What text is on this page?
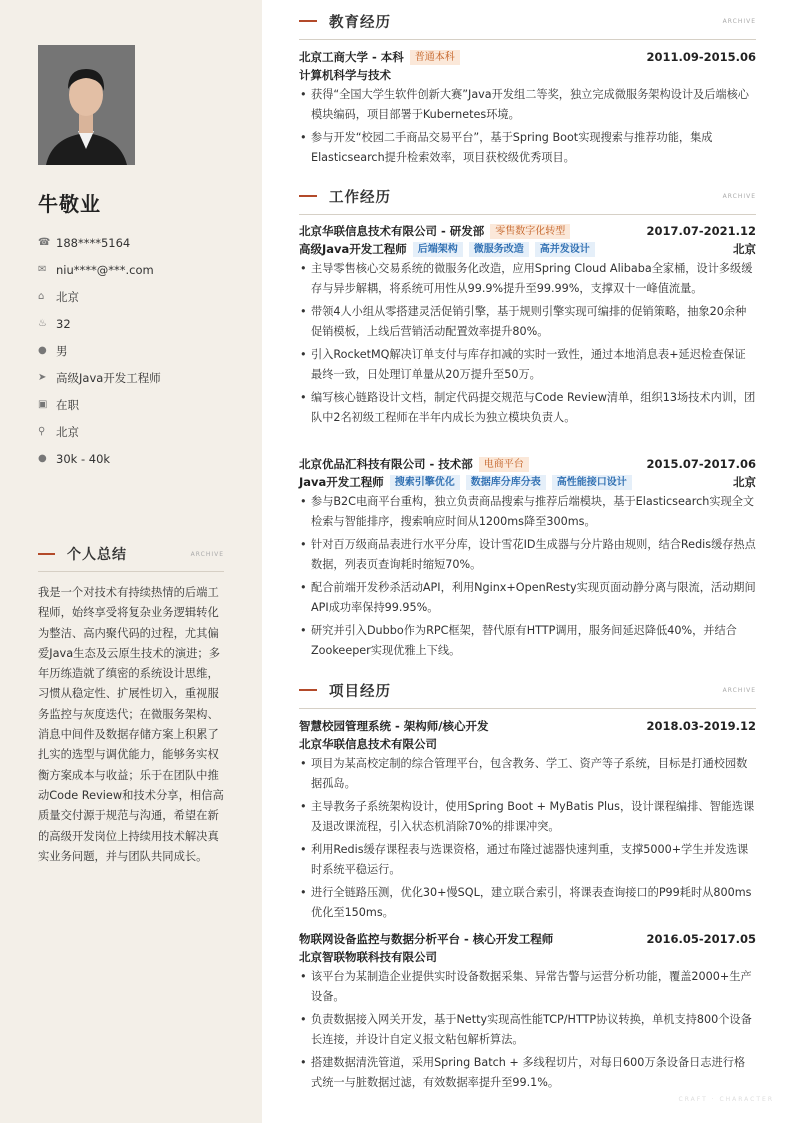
牛敬业
☎ 188****5164
✉ niu****@***.com
⌂	北京
♨ 32
● 男
➤ 高级Java开发工程师
▣ 在职
⚲ 北京
● 30k - 40k
个人总结	ARCHIVE
我是一个对技术有持续热情的后端工程师，始终享受将复杂业务逻辑转化为整洁、高内聚代码的过程，尤其偏爱Java生态及云原生技术的演进；多年历练造就了缜密的系统设计思维，习惯从稳定性、扩展性切入，重视服务监控与灰度迭代；在微服务架构、消息中间件及数据存储方案上积累了扎实的选型与调优能力，能够务实权衡方案成本与收益；乐于在团队中推动Code Review和技术分享，相信高质量交付源于规范与沟通，希望在新的高级开发岗位上持续用技术解决真实业务问题，并与团队共同成长。
教育经历	ARCHIVE
北京工商大学 - 本科	普通本科	2011.09-2015.06
计算机科学与技术
• 获得“全国大学生软件创新大赛”Java开发组二等奖，独立完成微服务架构设计及后端核心模块编码，项目部署于Kubernetes环境。
• 参与开发“校园二手商品交易平台”，基于Spring Boot实现搜索与推荐功能，集成Elasticsearch提升检索效率，项目获校级优秀项目。
工作经历	ARCHIVE
北京华联信息技术有限公司 - 研发部	零售数字化转型	2017.07-2021.12
高级Java开发工程师	后端架构	微服务改造	高并发设计	北京
• 主导零售核心交易系统的微服务化改造，应用Spring Cloud Alibaba全家桶，设计多级缓存与异步解耦，将系统可用性从99.9%提升至99.99%，支撑双十一峰值流量。
• 带领4人小组从零搭建灵活促销引擎，基于规则引擎实现可编排的促销策略，抽象20余种促销模板，上线后营销活动配置效率提升80%。
• 引入RocketMQ解决订单支付与库存扣减的实时一致性，通过本地消息表+延迟检查保证最终一致，日处理订单量从20万提升至50万。
• 编写核心链路设计文档，制定代码提交规范与Code Review清单，组织13场技术内训，团队中2名初级工程师在半年内成长为独立模块负责人。
北京优品汇科技有限公司 - 技术部	电商平台	2015.07-2017.06
Java开发工程师	搜索引擎优化	数据库分库分表	高性能接口设计	北京
• 参与B2C电商平台重构，独立负责商品搜索与推荐后端模块，基于Elasticsearch实现全文检索与智能排序，搜索响应时间从1200ms降至300ms。
• 针对百万级商品表进行水平分库，设计雪花ID生成器与分片路由规则，结合Redis缓存热点数据，列表页查询耗时缩短70%。
• 配合前端开发秒杀活动API，利用Nginx+OpenResty实现页面动静分离与限流，活动期间API成功率保持99.95%。
• 研究并引入Dubbo作为RPC框架，替代原有HTTP调用，服务间延迟降低40%，并结合Zookeeper实现优雅上下线。
项目经历	ARCHIVE
智慧校园管理系统 - 架构师/核心开发	2018.03-2019.12
北京华联信息技术有限公司
• 项目为某高校定制的综合管理平台，包含教务、学工、资产等子系统，目标是打通校园数据孤岛。
• 主导教务子系统架构设计，使用Spring Boot + MyBatis Plus，设计课程编排、智能选课及退改课流程，引入状态机消除70%的排课冲突。
• 利用Redis缓存课程表与选课资格，通过布隆过滤器快速判重，支撑5000+学生并发选课时系统平稳运行。
• 进行全链路压测，优化30+慢SQL，建立联合索引，将课表查询接口的P99耗时从800ms优化至150ms。
物联网设备监控与数据分析平台 - 核心开发工程师	2016.05-2017.05
北京智联物联科技有限公司
• 该平台为某制造企业提供实时设备数据采集、异常告警与运营分析功能，覆盖2000+生产设备。
• 负责数据接入网关开发，基于Netty实现高性能TCP/HTTP协议转换，单机支持800个设备长连接，并设计自定义报文粘包解析算法。
• 搭建数据清洗管道，采用Spring Batch + 多线程切片，对每日600万条设备日志进行格式统一与脏数据过滤，有效数据率提升至99.1%。
CRAFT · CHARACTER
